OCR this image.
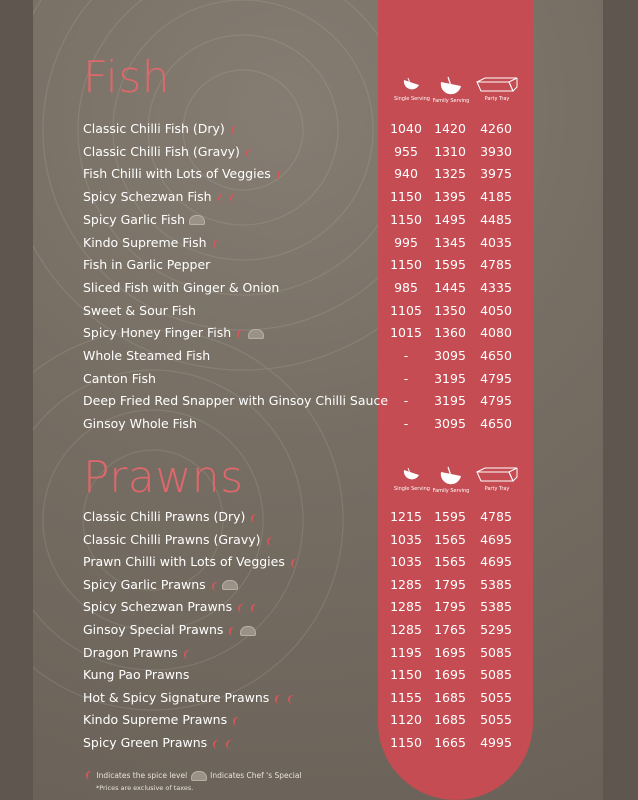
Fish	Single Serving Family Serving	Party Tray
Classic Chilli Fish (Dry) ❨	1040 1420	4260
Classic Chilli Fish (Gravy) ❨	955	1310	3930
Fish Chilli with Lots of Veggies ❨	940	1325	3975
Spicy Schezwan Fish ❨❨	1150 1395	4185
Spicy Garlic Fish	1150 1495	4485
Kindo Supreme Fish ❨	995	1345	4035
Fish in Garlic Pepper	1150 1595	4785
Sliced Fish with Ginger & Onion	985	1445	4335
Sweet & Sour Fish	1105 1350	4050
Spicy Honey Finger Fish ❨	1015 1360	4080
Whole Steamed Fish	-	3095	4650
Canton Fish	-	3195	4795
Deep Fried Red Snapper with Ginsoy Chilli Sauce	-	3195	4795
Ginsoy Whole Fish	-	3095	4650
Prawns	Single Serving Family Serving	Party Tray
Classic Chilli Prawns (Dry) ❨	1215 1595	4785
Classic Chilli Prawns (Gravy) ❨	1035 1565	4695
Prawn Chilli with Lots of Veggies ❨	1035 1565	4695
Spicy Garlic Prawns ❨	1285 1795	5385
Spicy Schezwan Prawns ❨❨	1285 1795	5385
Ginsoy Special Prawns ❨	1285 1765	5295
Dragon Prawns ❨	1195 1695	5085
Kung Pao Prawns	1150 1695	5085
Hot & Spicy Signature Prawns ❨❨	1155 1685	5055
Kindo Supreme Prawns ❨	1120 1685	5055
Spicy Green Prawns ❨❨	1150 1665	4995
❨ Indicates the spice level	Indicates Chef 's Special
*Prices are exclusive of taxes.
